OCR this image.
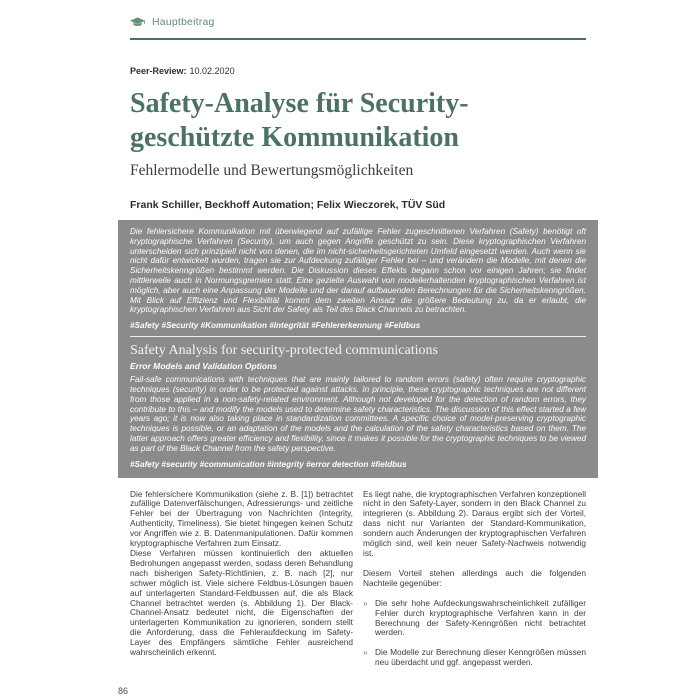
Hauptbeitrag
Peer-Review: 10.02.2020
Safety-Analyse für Security-geschützte Kommunikation
Fehlermodelle und Bewertungsmöglichkeiten
Frank Schiller, Beckhoff Automation; Felix Wieczorek, TÜV Süd

Die fehlersichere Kommunikation mit überwiegend auf zufällige Fehler zugeschnittenen Verfahren (Safety) benötigt oft kryptographische Verfahren (Security), um auch gegen Angriffe geschützt zu sein. Diese kryptographischen Verfahren unterscheiden sich prinzipiell nicht von denen, die im nicht-sicherheitsgerichteten Umfeld eingesetzt werden. Auch wenn sie nicht dafür entwickelt wurden, tragen sie zur Aufdeckung zufälliger Fehler bei – und verändern die Modelle, mit denen die Sicherheitskenngrößen bestimmt werden. Die Diskussion dieses Effekts begann schon vor einigen Jahren; sie findet mittlerweile auch in Normungsgremien statt. Eine gezielte Auswahl von modellerhaltenden kryptographischen Verfahren ist möglich, aber auch eine Anpassung der Modelle und der darauf aufbauenden Berechnungen für die Sicherheitskenngrößen. Mit Blick auf Effizienz und Flexibilität kommt dem zweiten Ansatz die größere Bedeutung zu, da er erlaubt, die kryptographischen Verfahren aus Sicht der Safety als Teil des Black Channels zu betrachten.

#Safety #Security #Kommunikation #Integrität #Fehlererkennung #Feldbus

Safety Analysis for security-protected communications
Error Models and Validation Options

Fail-safe communications with techniques that are mainly tailored to random errors (safety) often require cryptographic techniques (security) in order to be protected against attacks. In principle, these cryptographic techniques are not different from those applied in a non-safety-related environment. Although not developed for the detection of random errors, they contribute to this – and modify the models used to determine safety characteristics. The discussion of this effect started a few years ago; it is now also taking place in standardization committees. A specific choice of model-preserving cryptographic techniques is possible, or an adaptation of the models and the calculation of the safety characteristics based on them. The latter approach offers greater efficiency and flexibility, since it makes it possible for the cryptographic techniques to be viewed as part of the Black Channel from the safety perspective.

#Safety #security #communication #integrity #error detection #fieldbus

Die fehlersichere Kommunikation (siehe z. B. [1]) betrachtet zufällige Datenverfälschungen, Adressierungs- und zeitliche Fehler bei der Übertragung von Nachrichten (Integrity, Authenticity, Timeliness). Sie bietet hingegen keinen Schutz vor Angriffen wie z. B. Datenmanipulationen. Dafür kommen kryptographische Verfahren zum Einsatz.

Diese Verfahren müssen kontinuierlich den aktuellen Bedrohungen angepasst werden, sodass deren Behandlung nach bisherigen Safety-Richtlinien, z. B. nach [2], nur schwer möglich ist. Viele sichere Feldbus-Lösungen bauen auf unterlagerten Standard-Feldbussen auf, die als Black Channel betrachtet werden (s. Abbildung 1). Der Black-Channel-Ansatz bedeutet nicht, die Eigenschaften der unterlagerten Kommunikation zu ignorieren, sondern stellt die Anforderung, dass die Fehleraufdeckung im Safety-Layer des Empfängers sämtliche Fehler ausreichend wahrscheinlich erkennt.

Es liegt nahe, die kryptographischen Verfahren konzeptionell nicht in den Safety-Layer, sondern in den Black Channel zu integrieren (s. Abbildung 2). Daraus ergibt sich der Vorteil, dass nicht nur Varianten der Standard-Kommunikation, sondern auch Änderungen der kryptographischen Verfahren möglich sind, weil kein neuer Safety-Nachweis notwendig ist.

Diesem Vorteil stehen allerdings auch die folgenden Nachteile gegenüber:

» Die sehr hohe Aufdeckungswahrscheinlichkeit zufälliger Fehler durch kryptographische Verfahren kann in der Berechnung der Safety-Kenngrößen nicht betrachtet werden.
» Die Modelle zur Berechnung dieser Kenngrößen müssen neu überdacht und ggf. angepasst werden.
86
